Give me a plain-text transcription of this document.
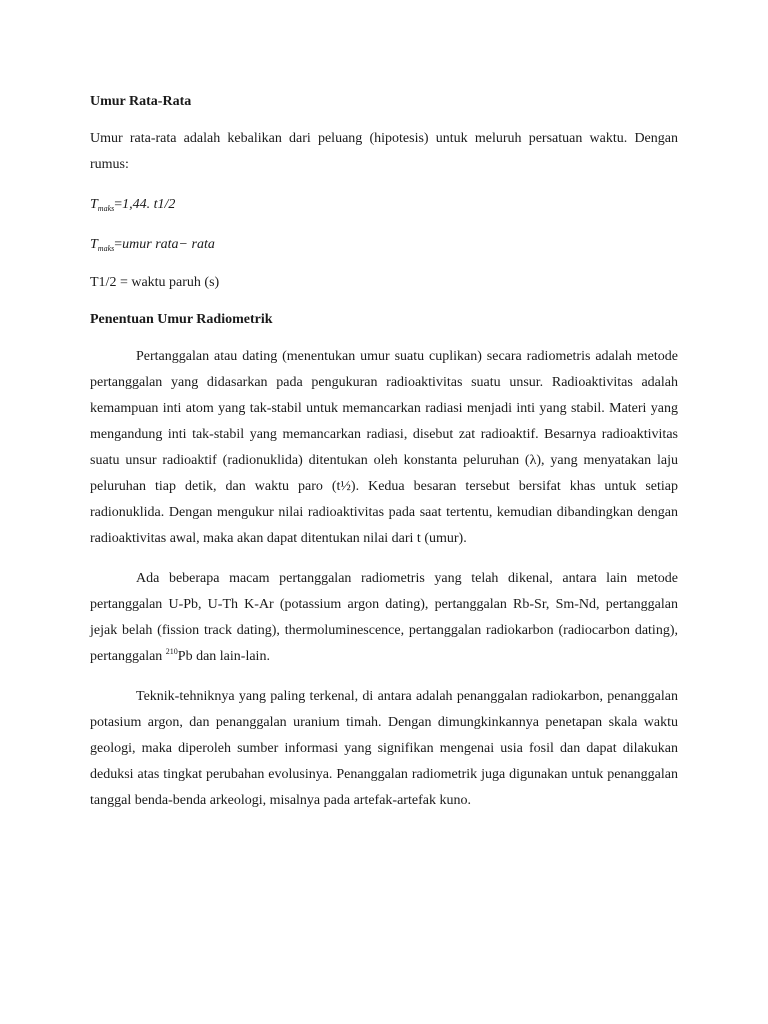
Umur Rata-Rata

Umur rata-rata adalah kebalikan dari peluang (hipotesis) untuk meluruh persatuan waktu. Dengan rumus:

$T_{maks}=1,44$. t1/2
$T_{maks}=umur$ rata− rata
T1/2 = waktu paruh (s)
Penentuan Umur Radiometrik

Pertanggalan atau dating (menentukan umur suatu cuplikan) secara radiometris adalah metode pertanggalan yang didasarkan pada pengukuran radioaktivitas suatu unsur. Radioaktivitas adalah kemampuan inti atom yang tak-stabil untuk memancarkan radiasi menjadi inti yang stabil. Materi yang mengandung inti tak-stabil yang memancarkan radiasi, disebut zat radioaktif. Besarnya radioaktivitas suatu unsur radioaktif (radionuklida) ditentukan oleh konstanta peluruhan (λ), yang menyatakan laju peluruhan tiap detik, dan waktu paro (t½). Kedua besaran tersebut bersifat khas untuk setiap radionuklida. Dengan mengukur nilai radioaktivitas pada saat tertentu, kemudian dibandingkan dengan radioaktivitas awal, maka akan dapat ditentukan nilai dari t (umur).

Ada beberapa macam pertanggalan radiometris yang telah dikenal, antara lain metode pertanggalan U-Pb, U-Th K-Ar (potassium argon dating), pertanggalan Rb-Sr, Sm-Nd, pertanggalan jejak belah (fission track dating), thermoluminescence, pertanggalan radiokarbon (radiocarbon dating), pertanggalan $^{210}$Pb dan lain-lain.

Teknik-tehniknya yang paling terkenal, di antara adalah penanggalan radiokarbon, penanggalan potasium argon, dan penanggalan uranium timah. Dengan dimungkinkannya penetapan skala waktu geologi, maka diperoleh sumber informasi yang signifikan mengenai usia fosil dan dapat dilakukan deduksi atas tingkat perubahan evolusinya. Penanggalan radiometrik juga digunakan untuk penanggalan tanggal benda-benda arkeologi, misalnya pada artefak-artefak kuno.
